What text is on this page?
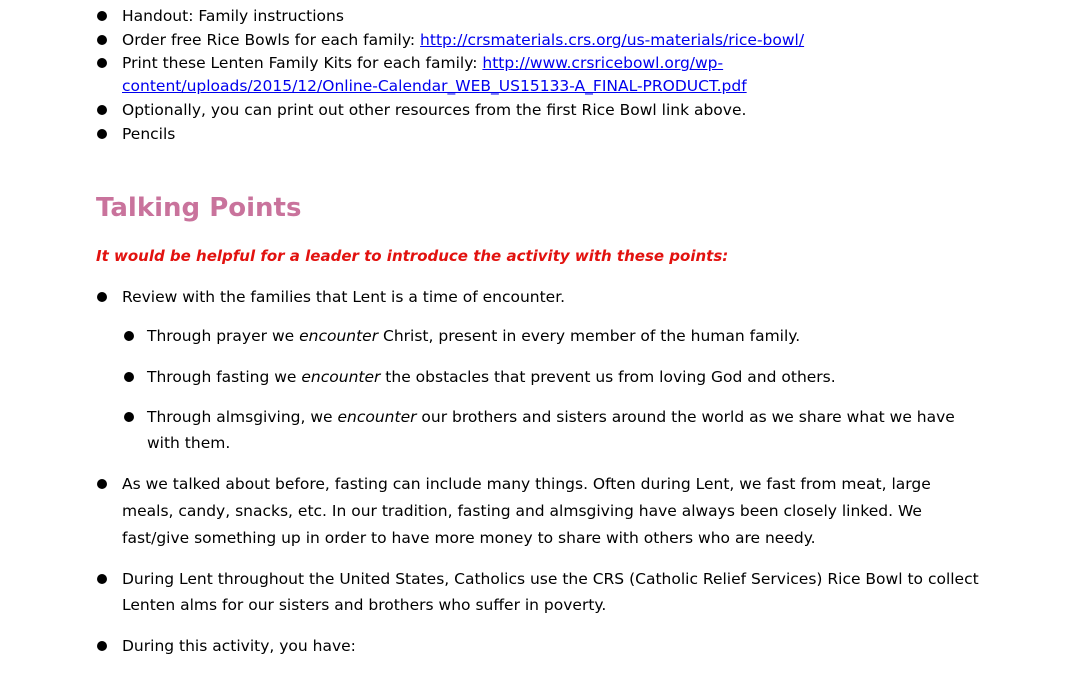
Handout: Family instructions

Order free Rice Bowls for each family: http://crsmaterials.crs.org/us-materials/rice-bowl/

Print these Lenten Family Kits for each family: http://www.crsricebowl.org/wp-

content/uploads/2015/12/Online-Calendar_WEB_US15133-A_FINAL-PRODUCT.pdf

Optionally, you can print out other resources from the first Rice Bowl link above.

Pencils

Talking Points

It would be helpful for a leader to introduce the activity with these points:

Review with the families that Lent is a time of encounter.

Through prayer we encounter Christ, present in every member of the human family.

Through fasting we encounter the obstacles that prevent us from loving God and others.

Through almsgiving, we encounter our brothers and sisters around the world as we share what we have

with them.

As we talked about before, fasting can include many things. Often during Lent, we fast from meat, large

meals, candy, snacks, etc. In our tradition, fasting and almsgiving have always been closely linked. We

fast/give something up in order to have more money to share with others who are needy.

During Lent throughout the United States, Catholics use the CRS (Catholic Relief Services) Rice Bowl to collect

Lenten alms for our sisters and brothers who suffer in poverty.

During this activity, you have:
